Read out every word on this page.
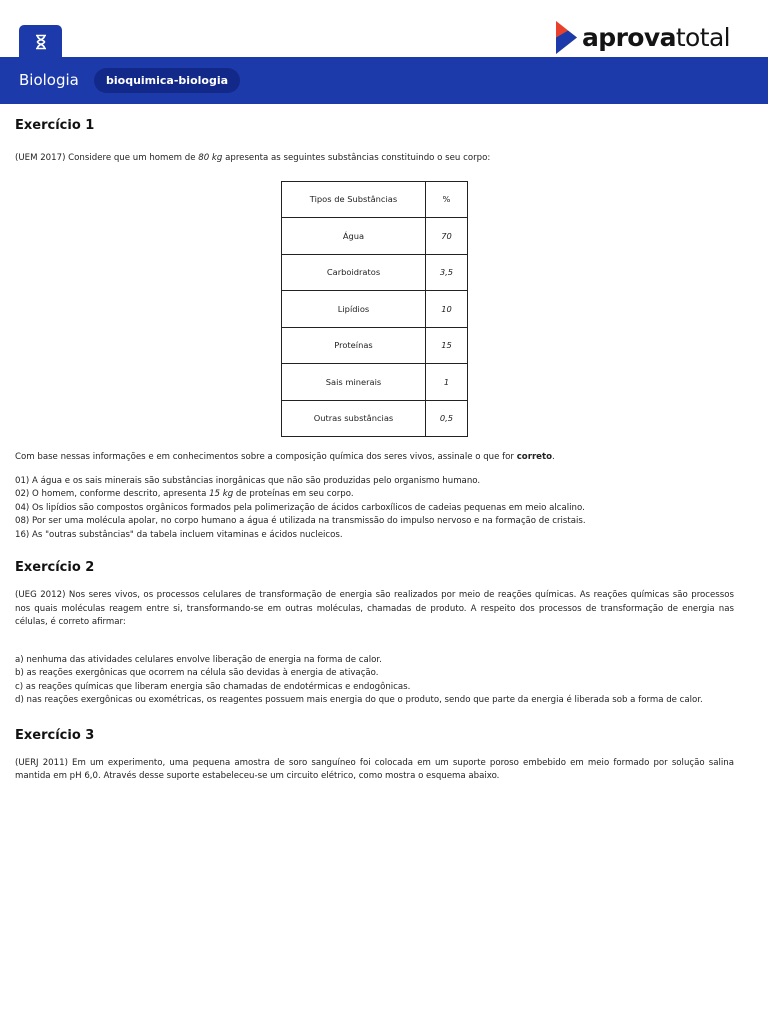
aprovatotal
Biologia	bioquimica-biologia
Exercício 1

(UEM 2017) Considere que um homem de 80 kg apresenta as seguintes substâncias constituindo o seu corpo:

Tipos de Substâncias	%
Água	70
Carboidratos	3,5
Lipídios	10
Proteínas	15
Sais minerais	1
Outras substâncias	0,5

Com base nessas informações e em conhecimentos sobre a composição química dos seres vivos, assinale o que for correto.

01) A água e os sais minerais são substâncias inorgânicas que não são produzidas pelo organismo humano.
02) O homem, conforme descrito, apresenta 15 kg de proteínas em seu corpo.
04) Os lipídios são compostos orgânicos formados pela polimerização de ácidos carboxílicos de cadeias pequenas em meio alcalino.
08) Por ser uma molécula apolar, no corpo humano a água é utilizada na transmissão do impulso nervoso e na formação de cristais.
16) As "outras substâncias" da tabela incluem vitaminas e ácidos nucleicos.
Exercício 2

(UEG 2012) Nos seres vivos, os processos celulares de transformação de energia são realizados por meio de reações químicas. As reações químicas são processos nos quais moléculas reagem entre si, transformando-se em outras moléculas, chamadas de produto. A respeito dos processos de transformação de energia nas células, é correto afirmar:

a) nenhuma das atividades celulares envolve liberação de energia na forma de calor.
b) as reações exergônicas que ocorrem na célula são devidas à energia de ativação.
c) as reações químicas que liberam energia são chamadas de endotérmicas e endogônicas.
d) nas reações exergônicas ou exométricas, os reagentes possuem mais energia do que o produto, sendo que parte da energia é liberada sob a forma de calor.
Exercício 3

(UERJ 2011) Em um experimento, uma pequena amostra de soro sanguíneo foi colocada em um suporte poroso embebido em meio formado por solução salina mantida em pH 6,0. Através desse suporte estabeleceu-se um circuito elétrico, como mostra o esquema abaixo.
